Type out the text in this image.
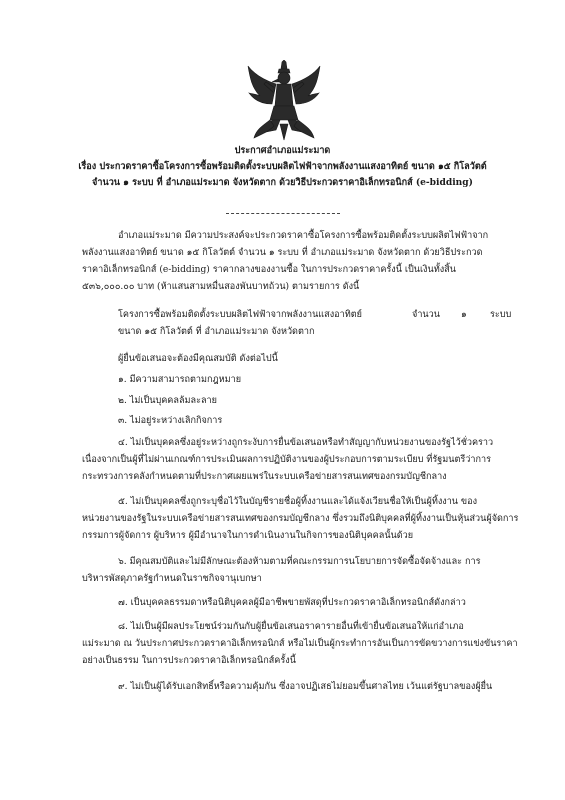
ประกาศอำเภอแม่ระมาด
เรื่อง ประกวดราคาซื้อโครงการซื้อพร้อมติดตั้งระบบผลิตไฟฟ้าจากพลังงานแสงอาทิตย์ ขนาด ๑๕ กิโลวัตต์
จำนวน ๑ ระบบ ที่ อำเภอแม่ระมาด จังหวัดตาก ด้วยวิธีประกวดราคาอิเล็กทรอนิกส์ (e-bidding)
อำเภอแม่ระมาด มีความประสงค์จะประกวดราคาซื้อโครงการซื้อพร้อมติดตั้งระบบผลิตไฟฟ้าจาก
พลังงานแสงอาทิตย์ ขนาด ๑๕ กิโลวัตต์ จำนวน ๑ ระบบ ที่ อำเภอแม่ระมาด จังหวัดตาก ด้วยวิธีประกวด
ราคาอิเล็กทรอนิกส์ (e-bidding) ราคากลางของงานซื้อ ในการประกวดราคาครั้งนี้ เป็นเงินทั้งสิ้น
๕๓๖,๐๐๐.๐๐ บาท (ห้าแสนสามหมื่นสองพันบาทถ้วน) ตามรายการ ดังนี้
โครงการซื้อพร้อมติดตั้งระบบผลิตไฟฟ้าจากพลังงานแสงอาทิตย์	จำนวน ๑	ระบบ
ขนาด ๑๕ กิโลวัตต์ ที่ อำเภอแม่ระมาด จังหวัดตาก
ผู้ยื่นข้อเสนอจะต้องมีคุณสมบัติ ดังต่อไปนี้
๑. มีความสามารถตามกฎหมาย
๒. ไม่เป็นบุคคลล้มละลาย
๓. ไม่อยู่ระหว่างเลิกกิจการ
๔. ไม่เป็นบุคคลซึ่งอยู่ระหว่างถูกระงับการยื่นข้อเสนอหรือทำสัญญากับหน่วยงานของรัฐไว้ชั่วคราว
เนื่องจากเป็นผู้ที่ไม่ผ่านเกณฑ์การประเมินผลการปฏิบัติงานของผู้ประกอบการตามระเบียบ ที่รัฐมนตรีว่าการ
กระทรวงการคลังกำหนดตามที่ประกาศเผยแพร่ในระบบเครือข่ายสารสนเทศของกรมบัญชีกลาง
๕. ไม่เป็นบุคคลซึ่งถูกระบุชื่อไว้ในบัญชีรายชื่อผู้ทิ้งงานและได้แจ้งเวียนชื่อให้เป็นผู้ทิ้งงาน ของ
หน่วยงานของรัฐในระบบเครือข่ายสารสนเทศของกรมบัญชีกลาง ซึ่งรวมถึงนิติบุคคลที่ผู้ทิ้งงานเป็นหุ้นส่วนผู้จัดการ
กรรมการผู้จัดการ ผู้บริหาร ผู้มีอำนาจในการดำเนินงานในกิจการของนิติบุคคลนั้นด้วย
๖. มีคุณสมบัติและไม่มีลักษณะต้องห้ามตามที่คณะกรรมการนโยบายการจัดซื้อจัดจ้างและ การ
บริหารพัสดุภาครัฐกำหนดในราชกิจจานุเบกษา
๗. เป็นบุคคลธรรมดาหรือนิติบุคคลผู้มีอาชีพขายพัสดุที่ประกวดราคาอิเล็กทรอนิกส์ดังกล่าว
๘. ไม่เป็นผู้มีผลประโยชน์ร่วมกันกับผู้ยื่นข้อเสนอราคารายอื่นที่เข้ายื่นข้อเสนอให้แก่อำเภอ
แม่ระมาด ณ วันประกาศประกวดราคาอิเล็กทรอนิกส์ หรือไม่เป็นผู้กระทำการอันเป็นการขัดขวางการแข่งขันราคา
อย่างเป็นธรรม ในการประกวดราคาอิเล็กทรอนิกส์ครั้งนี้
๙. ไม่เป็นผู้ได้รับเอกสิทธิ์หรือความคุ้มกัน ซึ่งอาจปฏิเสธไม่ยอมขึ้นศาลไทย เว้นแต่รัฐบาลของผู้ยื่น
